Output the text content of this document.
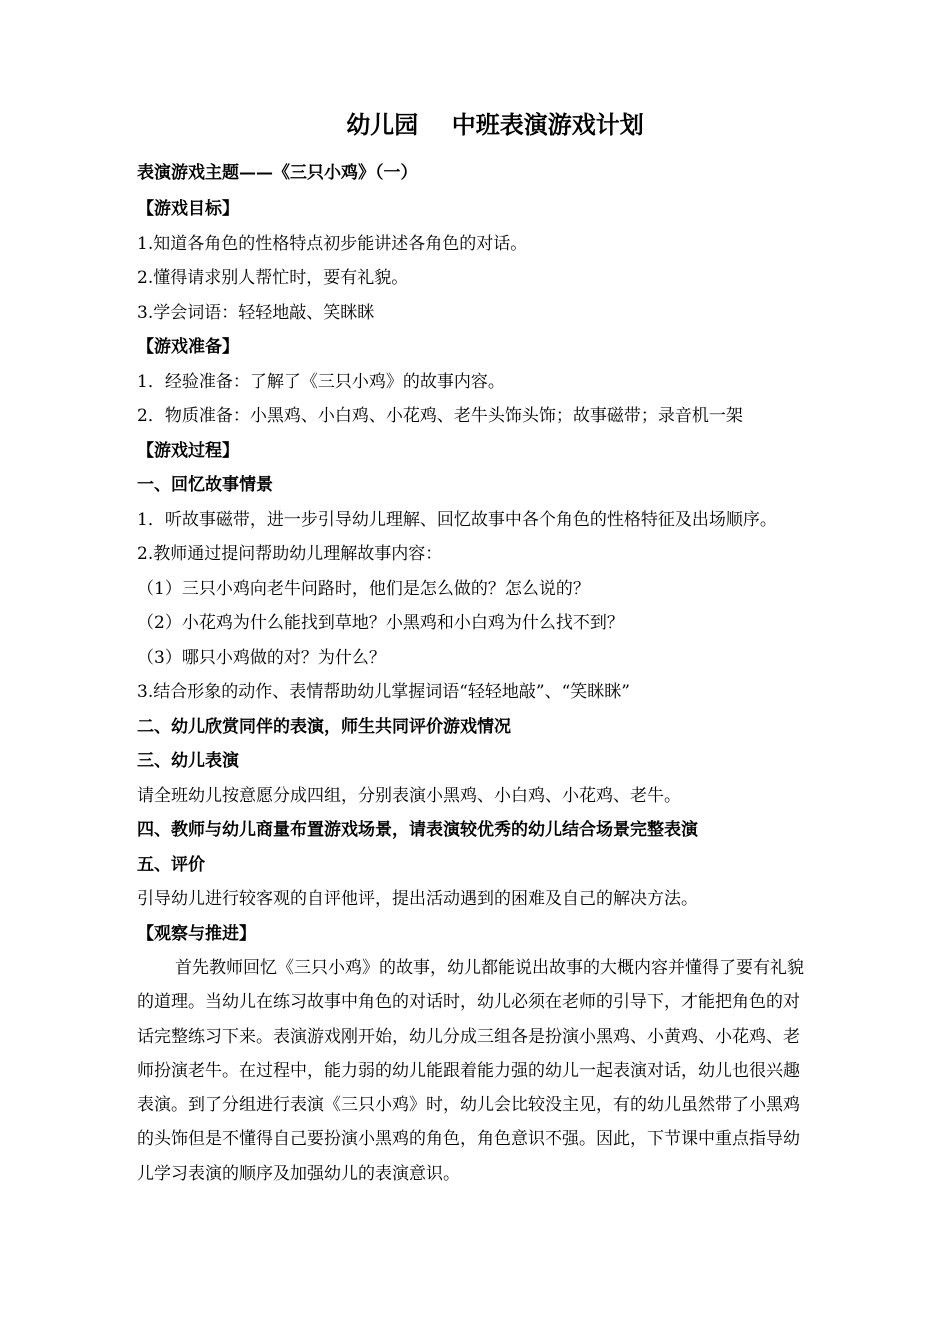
幼儿园    中班表演游戏计划
表演游戏主题——《三只小鸡》（一）
【游戏目标】
1.知道各角色的性格特点初步能讲述各角色的对话。
2.懂得请求别人帮忙时，要有礼貌。
3.学会词语：轻轻地敲、笑眯眯
【游戏准备】
1．经验准备：了解了《三只小鸡》的故事内容。
2．物质准备：小黑鸡、小白鸡、小花鸡、老牛头饰头饰；故事磁带；录音机一架
【游戏过程】
一、回忆故事情景
1．听故事磁带，进一步引导幼儿理解、回忆故事中各个角色的性格特征及出场顺序。
2.教师通过提问帮助幼儿理解故事内容：
（1）三只小鸡向老牛问路时，他们是怎么做的？怎么说的？
（2）小花鸡为什么能找到草地？小黑鸡和小白鸡为什么找不到？
（3）哪只小鸡做的对？为什么？
3.结合形象的动作、表情帮助幼儿掌握词语“轻轻地敲”、“笑眯眯”
二、幼儿欣赏同伴的表演，师生共同评价游戏情况
三、幼儿表演
请全班幼儿按意愿分成四组，分别表演小黑鸡、小白鸡、小花鸡、老牛。
四、教师与幼儿商量布置游戏场景，请表演较优秀的幼儿结合场景完整表演
五、评价
引导幼儿进行较客观的自评他评，提出活动遇到的困难及自己的解决方法。
【观察与推进】
首先教师回忆《三只小鸡》的故事，幼儿都能说出故事的大概内容并懂得了要有礼貌
的道理。当幼儿在练习故事中角色的对话时，幼儿必须在老师的引导下，才能把角色的对
话完整练习下来。表演游戏刚开始，幼儿分成三组各是扮演小黑鸡、小黄鸡、小花鸡、老
师扮演老牛。在过程中，能力弱的幼儿能跟着能力强的幼儿一起表演对话，幼儿也很兴趣
表演。到了分组进行表演《三只小鸡》时，幼儿会比较没主见，有的幼儿虽然带了小黑鸡
的头饰但是不懂得自己要扮演小黑鸡的角色，角色意识不强。因此，下节课中重点指导幼
儿学习表演的顺序及加强幼儿的表演意识。
